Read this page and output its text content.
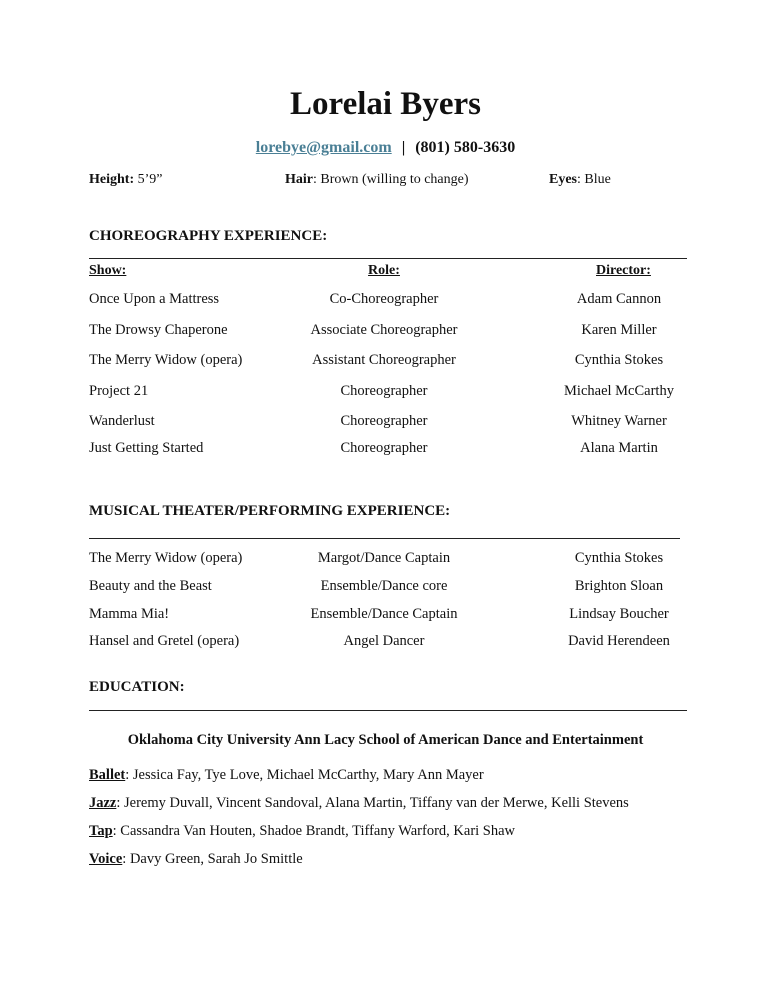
Lorelai Byers
lorebye@gmail.com | (801) 580-3630
Height: 5’9”	Hair: Brown (willing to change)	Eyes: Blue
CHOREOGRAPHY EXPERIENCE:
Show:	Role:	Director:
Once Upon a Mattress	Co-Choreographer	Adam Cannon
The Drowsy Chaperone	Associate Choreographer	Karen Miller
The Merry Widow (opera)	Assistant Choreographer	Cynthia Stokes
Project 21	Choreographer	Michael McCarthy
Wanderlust	Choreographer	Whitney Warner
Just Getting Started	Choreographer	Alana Martin
MUSICAL THEATER/PERFORMING EXPERIENCE:
The Merry Widow (opera)	Margot/Dance Captain	Cynthia Stokes
Beauty and the Beast	Ensemble/Dance core	Brighton Sloan
Mamma Mia!	Ensemble/Dance Captain	Lindsay Boucher
Hansel and Gretel (opera)	Angel Dancer	David Herendeen
EDUCATION:
Oklahoma City University Ann Lacy School of American Dance and Entertainment
Ballet: Jessica Fay, Tye Love, Michael McCarthy, Mary Ann Mayer
Jazz: Jeremy Duvall, Vincent Sandoval, Alana Martin, Tiffany van der Merwe, Kelli Stevens
Tap: Cassandra Van Houten, Shadoe Brandt, Tiffany Warford, Kari Shaw
Voice: Davy Green, Sarah Jo Smittle
